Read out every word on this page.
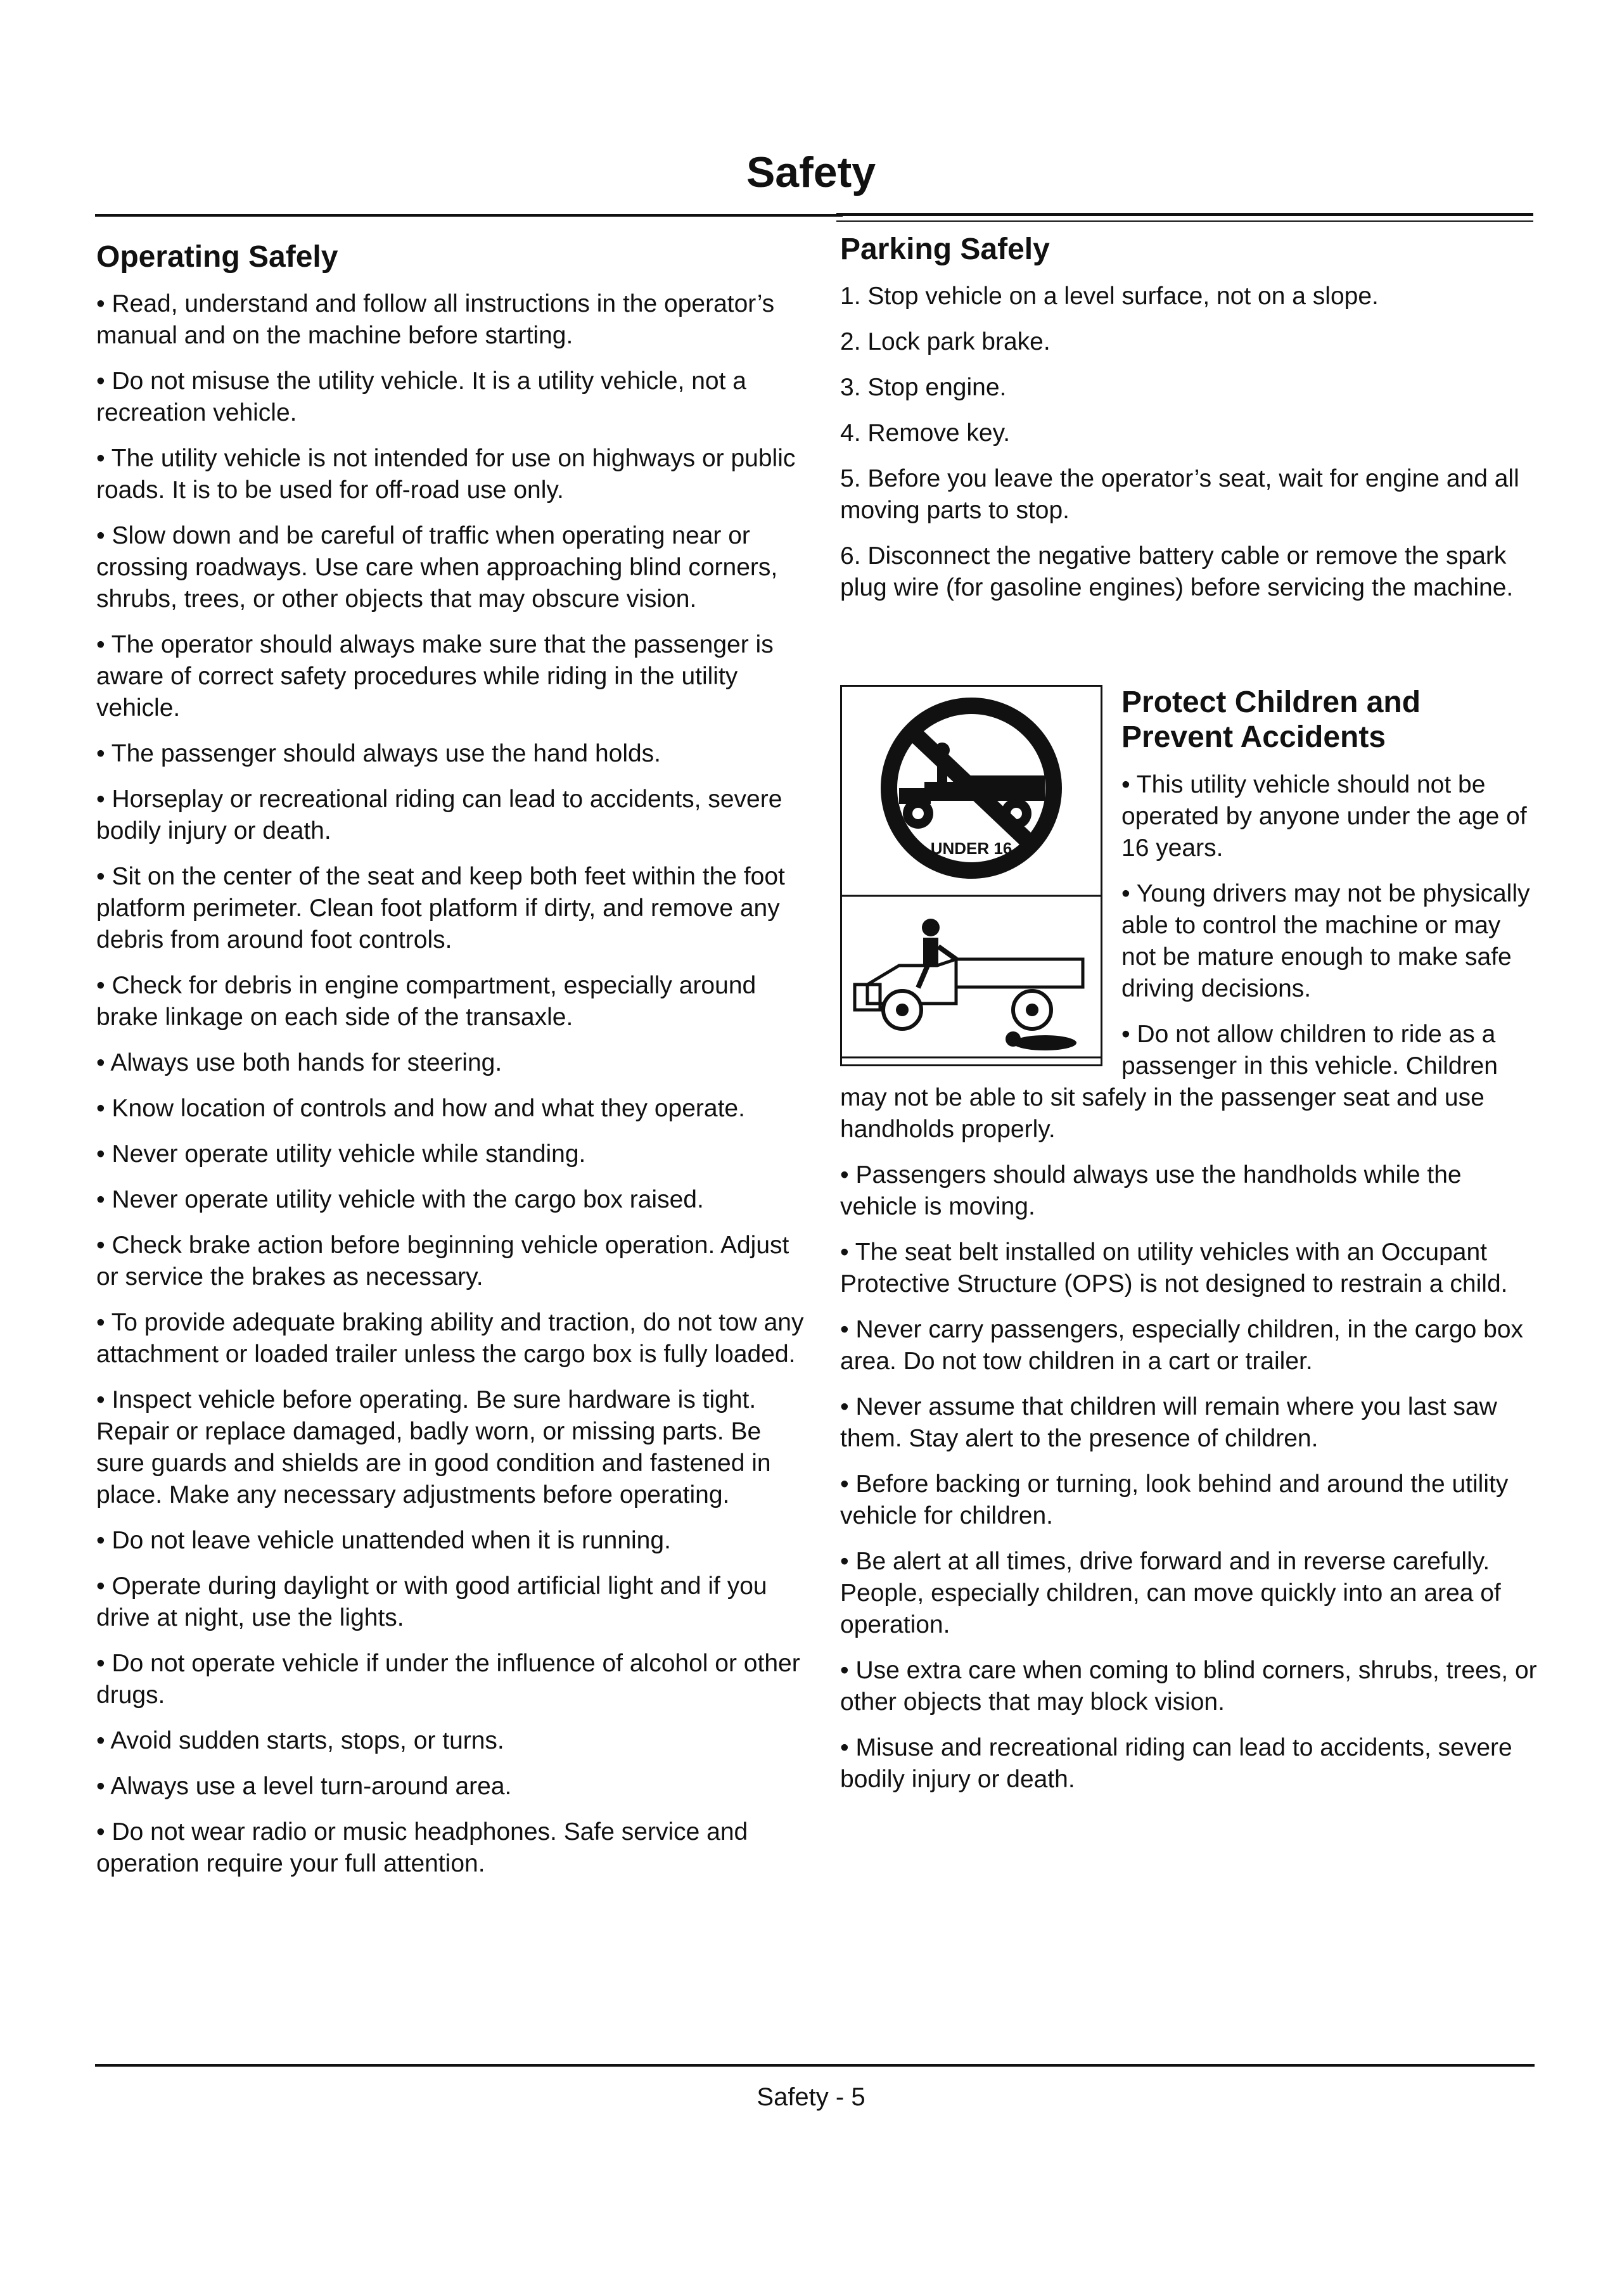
Safety
Operating Safely

• Read, understand and follow all instructions in the operator’s manual and on the machine before starting.

• Do not misuse the utility vehicle. It is a utility vehicle, not a recreation vehicle.

• The utility vehicle is not intended for use on highways or public roads. It is to be used for off-road use only.

• Slow down and be careful of traffic when operating near or crossing roadways. Use care when approaching blind corners, shrubs, trees, or other objects that may obscure vision.

• The operator should always make sure that the passenger is aware of correct safety procedures while riding in the utility vehicle.

• The passenger should always use the hand holds.

• Horseplay or recreational riding can lead to accidents, severe bodily injury or death.

• Sit on the center of the seat and keep both feet within the foot platform perimeter. Clean foot platform if dirty, and remove any debris from around foot controls.

• Check for debris in engine compartment, especially around brake linkage on each side of the transaxle.

• Always use both hands for steering.

• Know location of controls and how and what they operate.

• Never operate utility vehicle while standing.

• Never operate utility vehicle with the cargo box raised.

• Check brake action before beginning vehicle operation. Adjust or service the brakes as necessary.

• To provide adequate braking ability and traction, do not tow any attachment or loaded trailer unless the cargo box is fully loaded.

• Inspect vehicle before operating. Be sure hardware is tight. Repair or replace damaged, badly worn, or missing parts. Be sure guards and shields are in good condition and fastened in place. Make any necessary adjustments before operating.

• Do not leave vehicle unattended when it is running.

• Operate during daylight or with good artificial light and if you drive at night, use the lights.

• Do not operate vehicle if under the influence of alcohol or other drugs.

• Avoid sudden starts, stops, or turns.

• Always use a level turn-around area.

• Do not wear radio or music headphones. Safe service and operation require your full attention.

Parking Safely

1. Stop vehicle on a level surface, not on a slope.

2. Lock park brake.

3. Stop engine.

4. Remove key.

5. Before you leave the operator’s seat, wait for engine and all moving parts to stop.

6. Disconnect the negative battery cable or remove the spark plug wire (for gasoline engines) before servicing the machine.

UNDER 16
Protect Children and Prevent Accidents

• This utility vehicle should not be operated by anyone under the age of 16 years.

• Young drivers may not be physically able to control the machine or may not be mature enough to make safe driving decisions.

• Do not allow children to ride as a passenger in this vehicle. Children may not be able to sit safely in the passenger seat and use handholds properly.

• Passengers should always use the handholds while the vehicle is moving.

• The seat belt installed on utility vehicles with an Occupant Protective Structure (OPS) is not designed to restrain a child.

• Never carry passengers, especially children, in the cargo box area. Do not tow children in a cart or trailer.

• Never assume that children will remain where you last saw them. Stay alert to the presence of children.

• Before backing or turning, look behind and around the utility vehicle for children.

• Be alert at all times, drive forward and in reverse carefully. People, especially children, can move quickly into an area of operation.

• Use extra care when coming to blind corners, shrubs, trees, or other objects that may block vision.

• Misuse and recreational riding can lead to accidents, severe bodily injury or death.

Safety - 5
